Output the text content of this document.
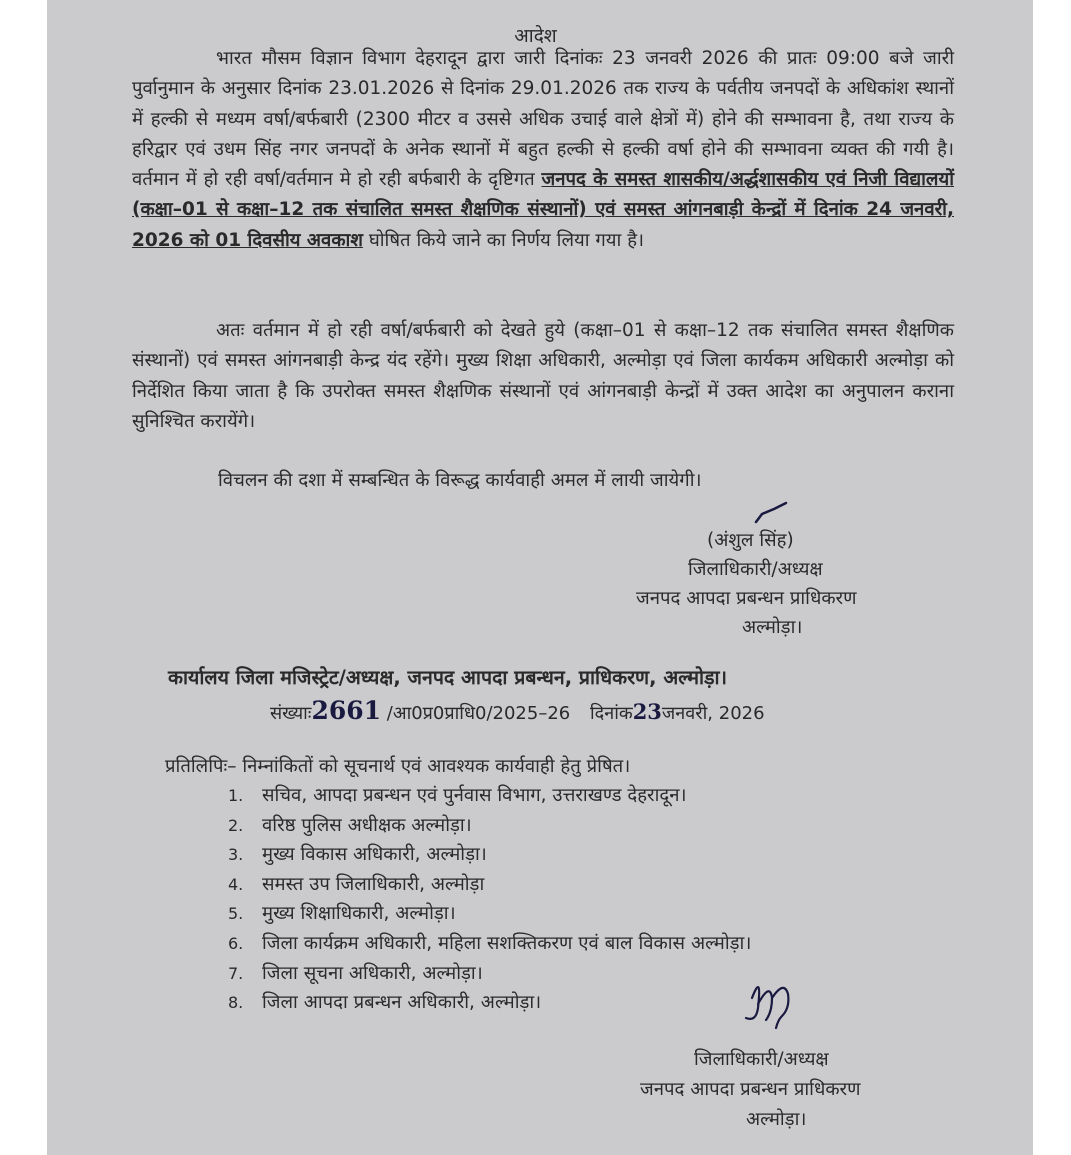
आदेश
भारत मौसम विज्ञान विभाग देहरादून द्वारा जारी दिनांकः 23 जनवरी 2026 की प्रातः 09:00 बजे जारी पुर्वानुमान के अनुसार दिनांक 23.01.2026 से दिनांक 29.01.2026 तक राज्य के पर्वतीय जनपदों के अधिकांश स्थानों में हल्की से मध्यम वर्षा/बर्फबारी (2300 मीटर व उससे अधिक उचाई वाले क्षेत्रों में) होने की सम्भावना है, तथा राज्य के हरिद्वार एवं उधम सिंह नगर जनपदों के अनेक स्थानों में बहुत हल्की से हल्की वर्षा होने की सम्भावना व्यक्त की गयी है। वर्तमान में हो रही वर्षा/वर्तमान मे हो रही बर्फबारी के दृष्टिगत जनपद के समस्त शासकीय/अर्द्धशासकीय एवं निजी विद्यालयों (कक्षा–01 से कक्षा–12 तक संचालित समस्त शैक्षणिक संस्थानों) एवं समस्त आंगनबाड़ी केन्द्रों में दिनांक 24 जनवरी, 2026 को 01 दिवसीय अवकाश घोषित किये जाने का निर्णय लिया गया है।
अतः वर्तमान में हो रही वर्षा/बर्फबारी को देखते हुये (कक्षा–01 से कक्षा–12 तक संचालित समस्त शैक्षणिक संस्थानों) एवं समस्त आंगनबाड़ी केन्द्र यंद रहेंगे। मुख्य शिक्षा अधिकारी, अल्मोड़ा एवं जिला कार्यकम अधिकारी अल्मोड़ा को निर्देशित किया जाता है कि उपरोक्त समस्त शैक्षणिक संस्थानों एवं आंगनबाड़ी केन्द्रों में उक्त आदेश का अनुपालन कराना सुनिश्चित करायेंगे।
विचलन की दशा में सम्बन्धित के विरूद्ध कार्यवाही अमल में लायी जायेगी।
(अंशुल सिंह)
जिलाधिकारी/अध्यक्ष
जनपद आपदा प्रबन्धन प्राधिकरण
अल्मोड़ा।
कार्यालय जिला मजिस्ट्रेट/अध्यक्ष, जनपद आपदा प्रबन्धन, प्राधिकरण, अल्मोड़ा।
संख्याः2661 /आ0प्र0प्राधि0/2025–26 दिनांक23जनवरी, 2026
प्रतिलिपिः– निम्नांकितों को सूचनार्थ एवं आवश्यक कार्यवाही हेतु प्रेषित।
1. सचिव, आपदा प्रबन्धन एवं पुर्नवास विभाग, उत्तराखण्ड देहरादून।
2. वरिष्ठ पुलिस अधीक्षक अल्मोड़ा।
3. मुख्य विकास अधिकारी, अल्मोड़ा।
4. समस्त उप जिलाधिकारी, अल्मोड़ा
5. मुख्य शिक्षाधिकारी, अल्मोड़ा।
6. जिला कार्यक्रम अधिकारी, महिला सशक्तिकरण एवं बाल विकास अल्मोड़ा।
7. जिला सूचना अधिकारी, अल्मोड़ा।
8. जिला आपदा प्रबन्धन अधिकारी, अल्मोड़ा।
जिलाधिकारी/अध्यक्ष
जनपद आपदा प्रबन्धन प्राधिकरण
अल्मोड़ा।
